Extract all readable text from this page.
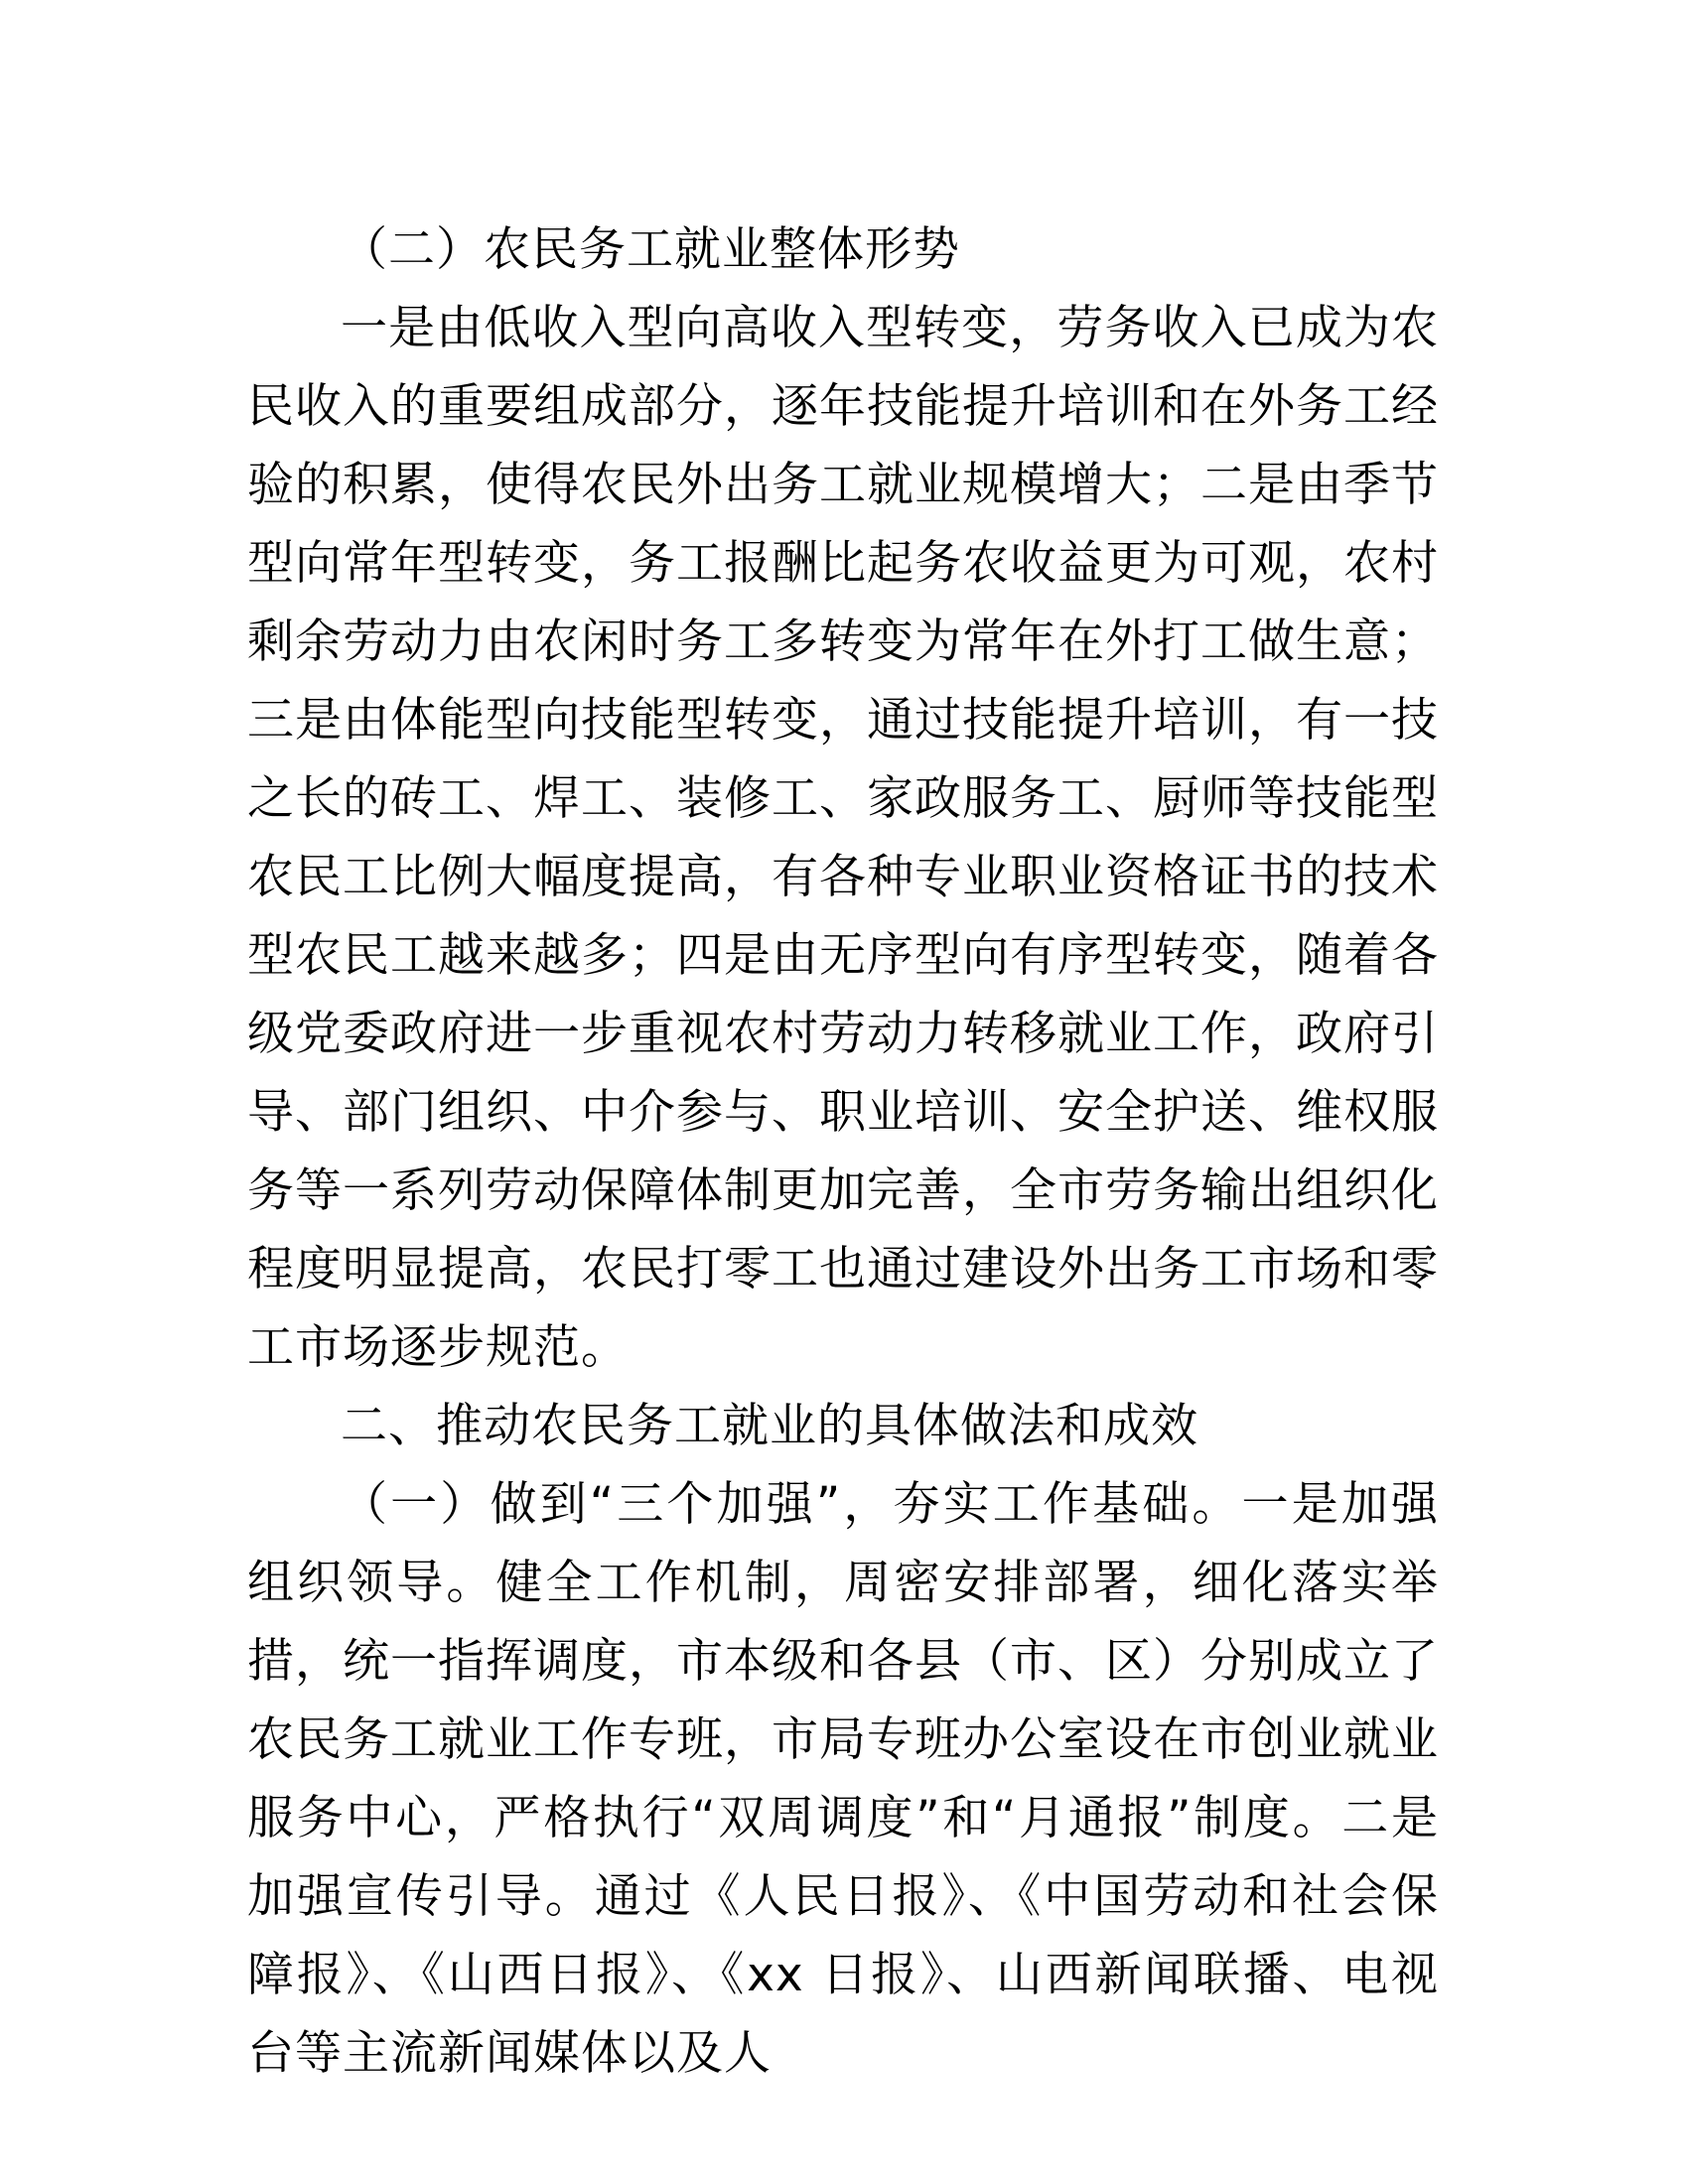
（二）农民务工就业整体形势

一是由低收入型向高收入型转变，劳务收入已成为农民收入的重要组成部分，逐年技能提升培训和在外务工经验的积累，使得农民外出务工就业规模增大；二是由季节型向常年型转变，务工报酬比起务农收益更为可观，农村剩余劳动力由农闲时务工多转变为常年在外打工做生意；三是由体能型向技能型转变，通过技能提升培训，有一技之长的砖工、焊工、装修工、家政服务工、厨师等技能型农民工比例大幅度提高，有各种专业职业资格证书的技术型农民工越来越多；四是由无序型向有序型转变，随着各级党委政府进一步重视农村劳动力转移就业工作，政府引导、部门组织、中介参与、职业培训、安全护送、维权服务等一系列劳动保障体制更加完善，全市劳务输出组织化程度明显提高，农民打零工也通过建设外出务工市场和零工市场逐步规范。

二、推动农民务工就业的具体做法和成效

（一）做到“三个加强”，夯实工作基础。一是加强组织领导。健全工作机制，周密安排部署，细化落实举措，统一指挥调度，市本级和各县（市、区）分别成立了农民务工就业工作专班，市局专班办公室设在市创业就业服务中心，严格执行“双周调度”和“月通报”制度。二是加强宣传引导。通过《人民日报》、《中国劳动和社会保障报》、《山西日报》、《xx 日报》、山西新闻联播、电视台等主流新闻媒体以及人
